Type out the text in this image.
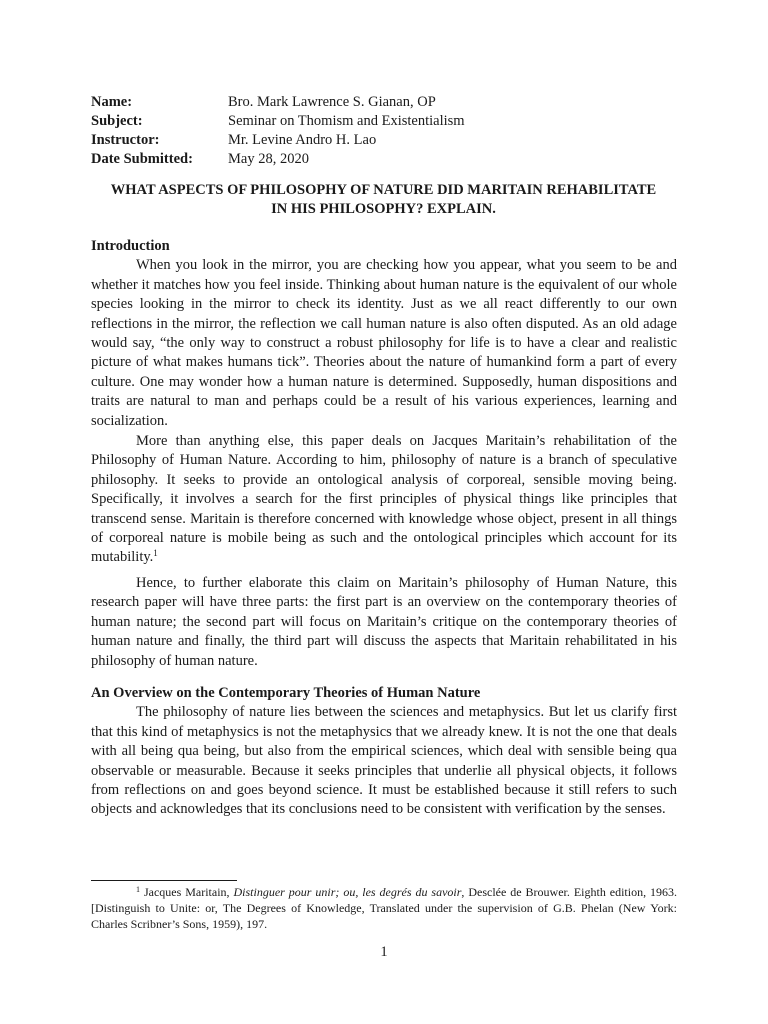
Name:	Bro. Mark Lawrence S. Gianan, OP
Subject:	Seminar on Thomism and Existentialism
Instructor:	Mr. Levine Andro H. Lao
Date Submitted:	May 28, 2020
WHAT ASPECTS OF PHILOSOPHY OF NATURE DID MARITAIN REHABILITATE
IN HIS PHILOSOPHY? EXPLAIN.
Introduction

When you look in the mirror, you are checking how you appear, what you seem to be and whether it matches how you feel inside. Thinking about human nature is the equivalent of our whole species looking in the mirror to check its identity. Just as we all react differently to our own reflections in the mirror, the reflection we call human nature is also often disputed. As an old adage would say, “the only way to construct a robust philosophy for life is to have a clear and realistic picture of what makes humans tick”. Theories about the nature of humankind form a part of every culture. One may wonder how a human nature is determined. Supposedly, human dispositions and traits are natural to man and perhaps could be a result of his various experiences, learning and socialization.

More than anything else, this paper deals on Jacques Maritain’s rehabilitation of the Philosophy of Human Nature. According to him, philosophy of nature is a branch of speculative philosophy. It seeks to provide an ontological analysis of corporeal, sensible moving being. Specifically, it involves a search for the first principles of physical things like principles that transcend sense. Maritain is therefore concerned with knowledge whose object, present in all things of corporeal nature is mobile being as such and the ontological principles which account for its mutability.$^1$

Hence, to further elaborate this claim on Maritain’s philosophy of Human Nature, this research paper will have three parts: the first part is an overview on the contemporary theories of human nature; the second part will focus on Maritain’s critique on the contemporary theories of human nature and finally, the third part will discuss the aspects that Maritain rehabilitated in his philosophy of human nature.

An Overview on the Contemporary Theories of Human Nature

The philosophy of nature lies between the sciences and metaphysics. But let us clarify first that this kind of metaphysics is not the metaphysics that we already knew. It is not the one that deals with all being qua being, but also from the empirical sciences, which deal with sensible being qua observable or measurable. Because it seeks principles that underlie all physical objects, it follows from reflections on and goes beyond science. It must be established because it still refers to such objects and acknowledges that its conclusions need to be consistent with verification by the senses.

$^1$ Jacques Maritain, Distinguer pour unir; ou, les degrés du savoir, Desclée de Brouwer. Eighth edition, 1963. [Distinguish to Unite: or, The Degrees of Knowledge, Translated under the supervision of G.B. Phelan (New York: Charles Scribner’s Sons, 1959), 197.
1
